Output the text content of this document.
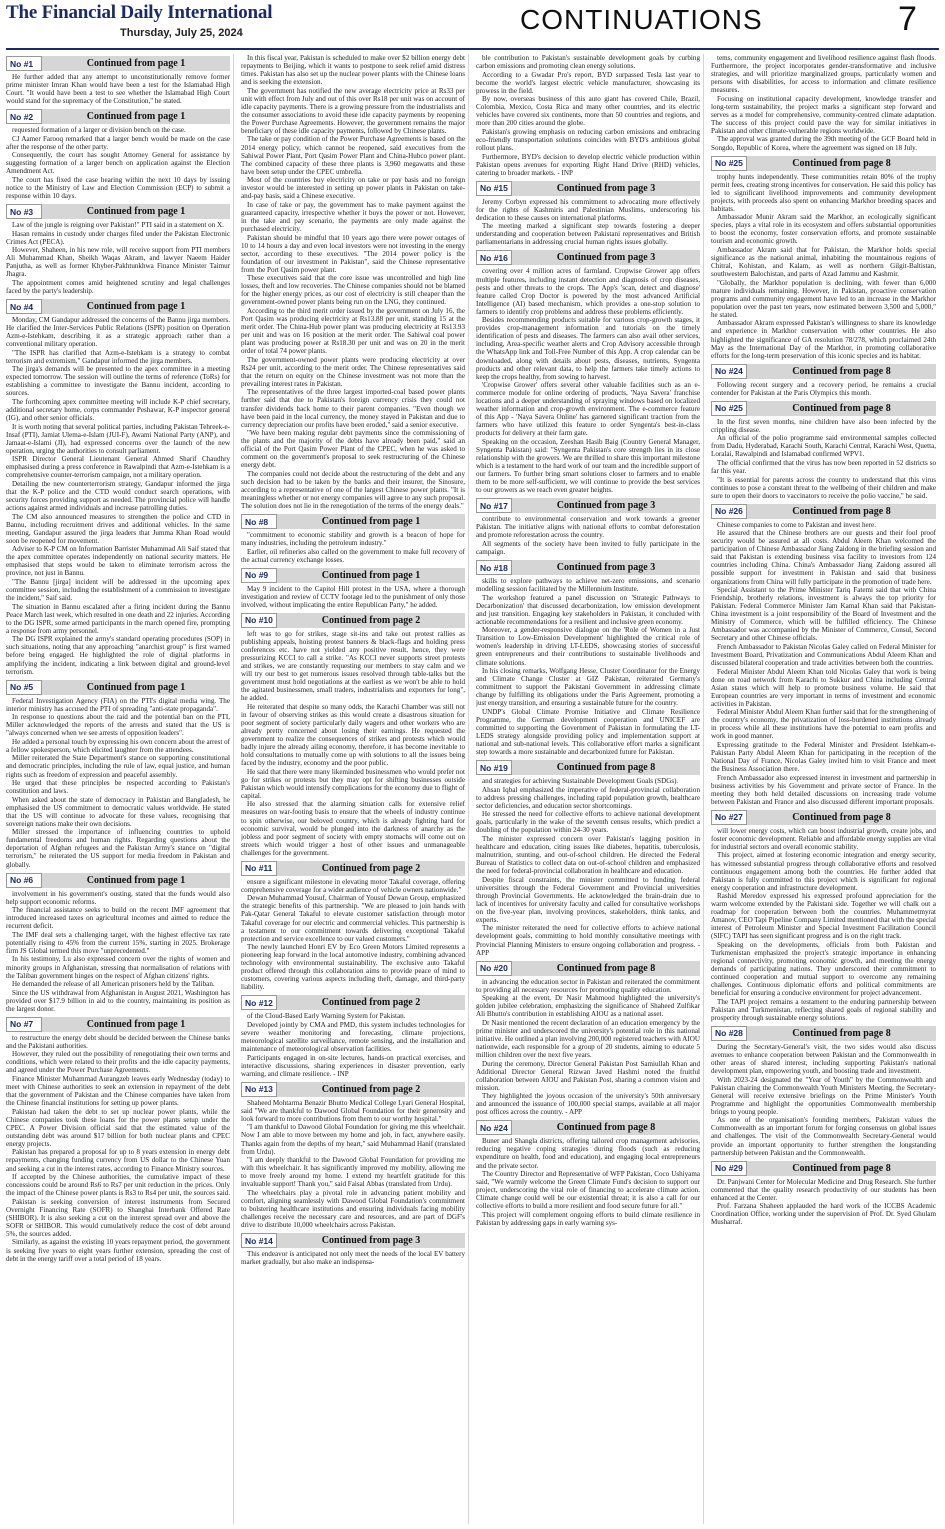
The Financial Daily International
Thursday, July 25, 2024	CONTINUATIONS	7
No #1	Continued from page 1

He further added that any attempt to unconstitutionally remove former prime minister Imran Khan would have been a test for the Islamabad High Court. "It would have been a test to see whether the Islamabad High Court would stand for the supremacy of the Constitution," he stated.

No #2	Continued from page 1

requested formation of a larger or division bench on the case.

CJ Aamer Farooq remarked that a larger bench would be made on the case after the response of the other party.

Consequently, the court has sought Attorney General for assistance by suggesting formation of a larger bench on application against the Election Amendment Act.

The court has fixed the case hearing within the next 10 days by issuing notice to the Ministry of Law and Election Commission (ECP) to submit a response within 10 days.

No #3	Continued from page 1

Law of the jungle is reigning over Pakistan!" PTI said in a statement on X.

Hasan remains in custody under charges filed under the Pakistan Electronic Crimes Act (PECA).

However, Shaheen, in his new role, will receive support from PTI members Ali Muhammad Khan, Sheikh Waqas Akram, and lawyer Naeem Haider Panjutha, as well as former Khyber-Pakhtunkhwa Finance Minister Taimur Jhagra.

The appointment comes amid heightened scrutiny and legal challenges faced by the party's leadership.

No #4	Continued from page 1

Monday, CM Gandapur addressed the concerns of the Bannu jirga members. He clarified the Inter-Services Public Relations (ISPR) position on Operation Azm-e-Istehkam, describing it as a strategic approach rather than a conventional military operation.

"The ISPR has clarified that Azm-e-Istehkam is a strategy to combat terrorism and extremism," Gandapur informed the jirga members.

The jirga's demands will be presented to the apex committee in a meeting expected tomorrow. The session will outline the terms of reference (ToRs) for establishing a committee to investigate the Bannu incident, according to sources.

The forthcoming apex committee meeting will include K-P chief secretary, additional secretary home, corps commander Peshawar, K-P inspector general (IG), and other senior officials.

It is worth noting that several political parties, including Pakistan Tehreek-e-Insaf (PTI), Jamiat Ulema-e-Islam (JUI-F), Awami National Party (ANP), and Jamaat-e-Islami (JI), had expressed concerns over the launch of the new operation, urging the authorities to consult parliament.

ISPR Director General Lieutenant General Ahmed Sharif Chaudhry emphasised during a press conference in Rawalpindi that Azm-e-Istehkam is a comprehensive counter-terrorism campaign, not a military operation.

Detailing the new counterterrorism strategy, Gandapur informed the jirga that the K-P police and the CTD would conduct search operations, with security forces providing support as needed. The provincial police will handle actions against armed individuals and increase patrolling duties.

The CM also announced measures to strengthen the police and CTD in Bannu, including recruitment drives and additional vehicles. In the same meeting, Gandapur assured the jirga leaders that Jumma Khan Road would soon be reopened for movement.

Adviser to K-P CM on Information Barrister Muhammad Ali Saif stated that the apex committee operates independently on national security matters. He emphasised that steps would be taken to eliminate terrorism across the province, not just in Bannu.

"The Bannu [jirga] incident will be addressed in the upcoming apex committee session, including the establishment of a commission to investigate the incident," Saif said.

The situation in Bannu escalated after a firing incident during the Bannu Peace March last week, which resulted in one death and 22 injuries. According to the DG ISPR, some armed participants in the march opened fire, prompting a response from army personnel.

The DG ISPR explained the army's standard operating procedures (SOP) in such situations, noting that any approaching "anarchist group" is first warned before being engaged. He highlighted the role of digital platforms in amplifying the incident, indicating a link between digital and ground-level terrorism.

No #5	Continued from page 1

Federal Investigation Agency (FIA) on the PTI's digital media wing. The interior ministry has accused the PTI of spreading "anti-state propaganda".

In response to questions about the raid and the potential ban on the PTI, Miller acknowledged the reports of the arrests and stated that the US is "always concerned when we see arrests of opposition leaders".

He added a personal touch by expressing his own concern about the arrest of a fellow spokesperson, which elicited laughter from the attendees.

Miller reiterated the State Department's stance on supporting constitutional and democratic principles, including the rule of law, equal justice, and human rights such as freedom of expression and peaceful assembly.

He urged that these principles be respected according to Pakistan's constitution and laws.

When asked about the state of democracy in Pakistan and Bangladesh, he emphasised the US commitment to democratic values worldwide. He stated that the US will continue to advocate for these values, recognising that sovereign nations make their own decisions.

Miller stressed the importance of influencing countries to uphold fundamental freedoms and human rights. Regarding questions about the deportation of Afghan refugees and the Pakistan Army's stance on "digital terrorism," he reiterated the US support for media freedom in Pakistan and globally.

No #6	Continued from page 1

involvement in his government's ousting, stated that the funds would also help support economic reforms.

The financial assistance seeks to build on the recent IMF agreement that introduced increased taxes on agricultural incomes and aimed to reduce the recurrent deficit.

The IMF deal sets a challenging target, with the highest effective tax rate potentially rising to 45% from the current 15%, starting in 2025. Brokerage firm JS Global termed this move "unprecedented."

In his testimony, Lu also expressed concern over the rights of women and minority groups in Afghanistan, stressing that normalisation of relations with the Taliban government hinges on the respect of Afghan citizens' rights.

He demanded the release of all American prisoners held by the Taliban.

Since the US withdrawal from Afghanistan in August 2021, Washington has provided over $17.9 billion in aid to the country, maintaining its position as the largest donor.

No #7	Continued from page 1

to restructure the energy debt should be decided between the Chinese banks and the Pakistani authorities.

However, they ruled out the possibility of renegotiating their own terms and conditions, which were related to their profits and the idle capacity payments, and agreed under the Power Purchase Agreements.

Finance Minister Muhammad Aurangzeb leaves early Wednesday (today) to meet with Chinese authorities to seek an extension in repayment of the debt that the government of Pakistan and the Chinese companies have taken from the Chinese financial institutions for setting up power plants.

Pakistan had taken the debt to set up nuclear power plants, while the Chinese companies took these loans for the power plants setup under the CPEC. A Power Division official said that the estimated value of the outstanding debt was around $17 billion for both nuclear plants and CPEC energy projects.

Pakistan has prepared a proposal for up to 8 years extension in energy debt repayments, changing funding currency from US dollar to the Chinese Yuan and seeking a cut in the interest rates, according to Finance Ministry sources.

If accepted by the Chinese authorities, the cumulative impact of these concessions could be around Rs6 to Rs7 per unit reduction in the prices. Only the impact of the Chinese power plants is Rs3 to Rs4 per unit, the sources said.

Pakistan is seeking conversion of interest instruments from Secured Overnight Financing Rate (SOFR) to Shanghai Interbank Offered Rate (SHIBOR). It is also seeking a cut on the interest spread over and above the SOFR or SHIBOR. This would cumulatively reduce the cost of debt around 5%, the sources added.

Similarly, as against the existing 10 years repayment period, the government is seeking five years to eight years further extension, spreading the cost of debt in the energy tariff over a total period of 18 years.

In this fiscal year, Pakistan is scheduled to make over $2 billion energy debt repayments to Beijing, which it wants to postpone to seek relief amid distress times. Pakistan has also set up the nuclear power plants with the Chinese loans and is seeking the extension.

The government has notified the new average electricity price at Rs33 per unit with effect from July and out of this over Rs18 per unit was on account of idle capacity payments. There is a growing pressure from the industrialists and the consumer associations to avoid these idle capacity payments by reopening the Power Purchase Agreements. However, the government remains the major beneficiary of these idle capacity payments, followed by Chinese plants.

The take or pay condition of the Power Purchase Agreements is based on the 2014 energy policy, which cannot be reopened, said executives from the Sahiwal Power Plant, Port Qasim Power Plant and China-Hubco power plant. The combined capacity of these three plants is 3,960 megawatts and these have been setup under the CPEC umbrella.

Most of the countries buy electricity on take or pay basis and no foreign investor would be interested in setting up power plants in Pakistan on take-and-pay basis, said a Chinese executive.

In case of take or pay, the government has to make payment against the guaranteed capacity, irrespective whether it buys the power or not. However, in the take and pay scenario, the payments are only made against the purchased electricity.

Pakistan should be mindful that 10 years ago there were power outages of 10 to 14 hours a day and even local investors were not investing in the energy sector, according to these executives. "The 2014 power policy is the foundation of our investment in Pakistan", said the Chinese representative from the Port Qasim power plant.

These executives said that the core issue was uncontrolled and high line losses, theft and low recoveries. The Chinese companies should not be blamed for the higher energy prices, as our cost of electricity is still cheaper than the government-owned power plants being run on the LNG, they continued.

According to the third merit order issued by the government on July 16, the Port Qasim was producing electricity at Rs13.88 per unit, standing 15 at the merit order. The China-Hub power plant was producing electricity at Rs13.93 per unit and was on 16 position at the merit order. The Sahiwal coal power plant was producing power at Rs18.30 per unit and was on 20 in the merit order of total 74 power plants.

The government-owned power plants were producing electricity at over Rs24 per unit, according to the merit order. The Chinese representatives said that the return on equity on the Chinese investment was not more than the prevailing interest rates in Pakistan.

The representatives of the three largest imported-coal based power plants further said that due to Pakistan's foreign currency crisis they could not transfer dividends back home to their parent companies. "Even though we have been paid in the local currency, the money stayed in Pakistan and due to currency depreciation our profits have been eroded," said a senior executive.

"We have been making regular debt payments since the commissioning of the plants and the majority of the debts have already been paid," said an official of the Port Qasim Power Plant of the CPEC, when he was asked to comment on the government's proposal to seek restructuring of the Chinese energy debt.

The companies could not decide about the restructuring of the debt and any such decision had to be taken by the banks and their insurer, the Sinosure, according to a representative of one of the largest Chinese power plants. "It is meaningless whether or not energy companies will agree to any such proposal. The solution does not lie in the renegotiation of the terms of the energy deals."

No #8	Continued from page 1

"commitment to economic stability and growth is a beacon of hope for many industries, including the petroleum industry."

Earlier, oil refineries also called on the government to make full recovery of the actual currency exchange losses.

No #9	Continued from page 1

May 9 incident to the Capitol Hill protest in the USA, where a thorough investigation and review of CCTV footage led to the punishment of only those involved, without implicating the entire Republican Party," he added.

No #10	Continued from page 2

left was to go for strikes, stage sit-ins and take out protest rallies as publishing appeals, hoisting protest banners & black-flags and holding press conferences etc. have not yielded any positive result, hence, they were pressurizing KCCI to call a strike. "As KCCI never supports street protests and strikes, we are constantly requesting our members to stay calm and we will try our best to get numerous issues resolved through table-talks but the government must hold negotiations at the earliest as we won't be able to hold the agitated businessmen, small traders, industrialists and exporters for long", he added.

He reiterated that despite so many odds, the Karachi Chamber was still not in favour of observing strikes as this would create a disastrous situation for poor segment of society particularly daily wagers and other workers who are already pretty concerned about losing their earnings. He requested the government to realize the consequences of strikes and protests which would badly injure the already ailing economy, therefore, it has become inevitable to hold consultations to mutually come up with solutions to all the issues being faced by the industry, economy and the poor public.

He said that there were many likeminded businessmen who would prefer not go for strikes or protests but they may opt for shifting businesses outside Pakistan which would intensify complications for the economy due to flight of capital.

He also stressed that the alarming situation calls for extensive relief measures on war-footing basis to ensure that the wheels of industry continue to spin otherwise, our beloved country, which is already fighting hard for economic survival, would be plunged into the darkness of anarchy as the jobless and poor segment of society with empty stomachs will come out on streets which would trigger a host of other issues and unmanageable challenges for the government.

No #11	Continued from page 2

ensure a significant milestone in elevating motor Takaful coverage, offering comprehensive coverage for a wider audience of vehicle owners nationwide."

Dewan Muhammad Yousuf, Chairman of Yousuf Dewan Group, emphasized the strategic benefits of this partnership. "We are pleased to join hands with Pak-Qatar General Takaful to elevate customer satisfaction through motor Takaful coverage for our electric and commercial vehicles. This partnership is a testament to our commitment towards delivering exceptional Takaful protection and service excellence to our valued customers."

The newly launched Honri EV by Eco Green Motors Limited represents a pioneering leap forward in the local automotive industry, combining advanced technology with environmental sustainability. The exclusive auto Takaful product offered through this collaboration aims to provide peace of mind to customers, covering various aspects including theft, damage, and third-party liability.

No #12	Continued from page 2

of the Cloud-Based Early Warning System for Pakistan.

Developed jointly by CMA and PMD, this system includes technologies for severe weather monitoring and forecasting, climate projections, meteorological satellite surveillance, remote sensing, and the installation and maintenance of meteorological observation facilities.

Participants engaged in on-site lectures, hands-on practical exercises, and interactive discussions, sharing experiences in disaster prevention, early warning, and climate resilience. - INP

No #13	Continued from page 2

Shaheed Mohtarma Benazir Bhutto Medical College Lyari General Hospital, said "We are thankful to Dawood Global Foundation for their generosity and look forward to more contributions from them to our worthy hospital."

"I am thankful to Dawood Global Foundation for giving me this wheelchair. Now I am able to move between my home and job, in fact, anywhere easily. Thanks again from the depths of my heart," said Muhammad Hanif (translated from Urdu).

"I am deeply thankful to the Dawood Global Foundation for providing me with this wheelchair. It has significantly improved my mobility, allowing me to move freely around my home. I extend my heartfelt gratitude for this invaluable support! Thank you," said Faisal Abbas (translated from Urdu).

The wheelchairs play a pivotal role in advancing patient mobility and comfort, aligning seamlessly with Dawood Global Foundation's commitment to bolstering healthcare institutions and ensuring individuals facing mobility challenges receive the necessary care and resources, and are part of DGF's drive to distribute 10,000 wheelchairs across Pakistan.

No #14	Continued from page 3

This endeavor is anticipated not only meet the needs of the local EV battery market gradually, but also make an indispensa-

ble contribution to Pakistan's sustainable development goals by curbing carbon emissions and promoting clean energy solutions.

According to a Gwadar Pro's report, BYD surpassed Tesla last year to become the world's largest electric vehicle manufacturer, showcasing its prowess in the field.

By now, overseas business of this auto giant has covered Chile, Brazil, Colombia, Mexico, Costa Rica and many other countries, and its electric vehicles have covered six continents, more than 50 countries and regions, and more than 200 cities around the globe.

Pakistan's growing emphasis on reducing carbon emissions and embracing eco-friendly transportation solutions coincides with BYD's ambitious global rollout plans.

Furthermore, BYD's decision to develop electric vehicle production within Pakistan opens avenues for exporting Right Hand Drive (RHD) vehicles, catering to broader markets. - INP

No #15	Continued from page 3

Jeremy Corbyn expressed his commitment to advocating more effectively for the rights of Kashmiris and Palestinian Muslims, underscoring his dedication to these causes on international platforms.

The meeting marked a significant step towards fostering a deeper understanding and cooperation between Pakistani representatives and British parliamentarians in addressing crucial human rights issues globally.

No #16	Continued from page 3

covering over 4 million acres of farmland. Cropwise Grower app offers multiple features, including instant detection and diagnosis of crop diseases, pests and other threats to the crops. The App's 'scan, detect and diagnose' feature called Crop Doctor is powered by the most advanced Artificial Intelligence (AI) based mechanism, which provides a one-stop solution to farmers to identify crop problems and address these problems efficiently.

Besides recommending products suitable for various crop-growth stages, it provides crop-management information and tutorials on the timely identification of pests and diseases. The farmers can also avail other services, including, Area-specific weather alerts and Crop Advisory accessible through the WhatsApp link and Toll-Free Number of this App. A crop calendar can be downloaded, along with details about pests, diseases, nutrients, Syngenta products and other relevant data, to help the farmers take timely actions to keep the crops healthy, from sowing to harvest.

'Cropwise Grower' offers several other valuable facilities such as an e-commerce module for online ordering of products, 'Naya Savera' franchise locations and a deeper understanding of spraying windows based on localized weather information and crop-growth environment. The e-commerce feature of this App - 'Naya Savera Online' has garnered significant traction from the farmers who have utilized this feature to order Syngenta's best-in-class products for delivery at their farm gate.

Speaking on the occasion, Zeeshan Hasib Baig (Country General Manager, Syngenta Pakistan) said: "Syngenta Pakistan's core strength lies in its close relationship with the growers. We are thrilled to share this important milestone which is a testament to the hard work of our team and the incredible support of our farmers. To further bring smart solutions closer to farmers and to enable them to be more self-sufficient, we will continue to provide the best services to our growers as we reach even greater heights.

No #17	Continued from page 3

contribute to environmental conservation and work towards a greener Pakistan. The initiative aligns with national efforts to combat deforestation and promote reforestation across the country.

All segments of the society have been invited to fully participate in the campaign.

No #18	Continued from page 3

skills to explore pathways to achieve net-zero emissions, and scenario modelling session facilitated by the Millennium Institute.

The workshop featured a panel discussion on 'Strategic Pathways to Decarbonization' that discussed decarbonization, low emission development and just transition. Engaging key stakeholders in Pakistan, it concluded with actionable recommendations for a resilient and inclusive green economy.

Moreover, a gender-responsive dialogue on the 'Role of Women in a Just Transition to Low-Emission Development' highlighted the critical role of women's leadership in driving LT-LEDS, showcasing stories of successful green entrepreneurs and their contributions to sustainable livelihoods and climate solutions.

In his closing remarks, Wolfgang Hesse, Cluster Coordinator for the Energy and Climate Change Cluster at GIZ Pakistan, reiterated Germany's commitment to support the Pakistani Government in addressing climate change by fulfilling its obligations under the Paris Agreement, promoting a just energy transition, and ensuring a sustainable future for the country.

UNDP's Global Climate Promise Initiative and Climate Resilience Programme, the German development cooperation and UNICEF are committed to supporting the Government of Pakistan in formulating the LT-LEDS strategy alongside providing policy and implementation support at national and sub-national levels. This collaborative effort marks a significant step towards a more sustainable and decarbonized future for Pakistan.

No #19	Continued from page 8

and strategies for achieving Sustainable Development Goals (SDGs).

Ahsan Iqbal emphasized the imperative of federal-provincial collaboration to address pressing challenges, including rapid population growth, healthcare sector deficiencies, and education sector shortcomings.

He stressed the need for collective efforts to achieve national development goals, particularly in the wake of the seventh census results, which predict a doubling of the population within 24-30 years.

The minister expressed concern over Pakistan's lagging position in healthcare and education, citing issues like diabetes, hepatitis, tuberculosis, malnutrition, stunting, and out-of-school children. He directed the Federal Bureau of Statistics to collect data on out-of-school children and emphasized the need for federal-provincial collaboration in healthcare and education.

Despite fiscal constraints, the minister committed to funding federal universities through the Federal Government and Provincial universities through Provincial Governments. He acknowledged the brain-drain due to lack of incentives for university faculty and called for consultative workshops on the five-year plan, involving provinces, stakeholders, think tanks, and experts.

The minister reiterated the need for collective efforts to achieve national development goals, committing to hold monthly consultative meetings with Provincial Planning Ministers to ensure ongoing collaboration and progress. - APP

No #20	Continued from page 8

in advancing the education sector in Pakistan and reiterated the commitment to providing all necessary resources for promoting quality education.

Speaking at the event, Dr Nasir Mahmood highlighted the university's golden jubilee celebration, emphasizing the significance of Shaheed Zulfikar Ali Bhutto's contribution in establishing AIOU as a national asset.

Dr Nasir mentioned the recent declaration of an education emergency by the prime minister and underscored the university's potential role in this national initiative. He outlined a plan involving 200,000 registered teachers with AIOU nationwide, each responsible for a group of 20 students, aiming to educate 5 million children over the next five years.

During the ceremony, Director General Pakistan Post Samiullah Khan and Additional Director General Rizwan Javed Hashmi noted the fruitful collaboration between AIOU and Pakistan Post, sharing a common vision and mission.

They highlighted the joyous occasion of the university's 50th anniversary and announced the issuance of 100,000 special stamps, available at all major post offices across the country. - APP

No #24	Continued from page 8

Buner and Shangla districts, offering tailored crop management advisories, reducing negative coping strategies during floods (such as reducing expenditure on health, food and education), and engaging local entrepreneurs and the private sector.

The Country Director and Representative of WFP Pakistan, Coco Ushiyama said, "We warmly welcome the Green Climate Fund's decision to support our project, underscoring the vital role of financing to accelerate climate action. Climate change could well be our existential threat; it is also a call for our collective efforts to build a more resilient and food secure future for all."

This project will complement ongoing efforts to build climate resilience in Pakistan by addressing gaps in early warning sys-

tems, community engagement and livelihood resilience against flash floods. Furthermore, the project incorporates gender-transformative and inclusive strategies, and will prioritize marginalized groups, particularly women and persons with disabilities, for access to information and climate resilience measures.

Focusing on institutional capacity development, knowledge transfer and long-term sustainability, the project marks a significant step forward and serves as a model for comprehensive, community-centred climate adaptation. The success of this project could pave the way for similar initiatives in Pakistan and other climate-vulnerable regions worldwide.

The approval was granted during the 39th meeting of the GCF Board held in Songdo, Republic of Korea, where the agreement was signed on 18 July.

No #25	Continued from page 8

trophy hunts independently. These communities retain 80% of the trophy permit fees, creating strong incentives for conservation. He said this policy has led to significant livelihood improvements and community development projects, with proceeds also spent on enhancing Markhor breeding spaces and habitats.

Ambassador Munir Akram said the Markhor, an ecologically significant species, plays a vital role in its ecosystem and offers substantial opportunities to boost the economy, foster conservation efforts, and promote sustainable tourism and economic growth.

Ambassador Akram said that for Pakistan, the Markhor holds special significance as the national animal, inhabiting the mountainous regions of Chitral, Kohistan, and Kalam, as well as northern Gilgit-Baltistan, southwestern Balochistan, and parts of Azad Jammu and Kashmir.

"Globally, the Markhor population is declining, with fewer than 6,000 mature individuals remaining. However, in Pakistan, proactive conservation programs and community engagement have led to an increase in the Markhor population over the past ten years, now estimated between 3,500 and 5,000," he stated.

Ambassador Akram expressed Pakistan's willingness to share its knowledge and experience in Markhor conservation with other countries. He also highlighted the significance of GA resolution 78/278, which proclaimed 24th May as the International Day of the Markhor, in promoting collaborative efforts for the long-term preservation of this iconic species and its habitat.

No #24	Continued from page 8

Following recent surgery and a recovery period, he remains a crucial contender for Pakistan at the Paris Olympics this month.

No #25	Continued from page 8

In the first seven months, nine children have also been infected by the crippling disease.

An official of the polio programme said environmental samples collected from Dadu, Hyderabad, Karachi South, Karachi Central, Karachi West, Quetta, Loralai, Rawalpindi and Islamabad confirmed WPV1.

The official confirmed that the virus has now been reported in 52 districts so far this year.

"It is essential for parents across the country to understand that this virus continues to pose a constant threat to the wellbeing of their children and make sure to open their doors to vaccinators to receive the polio vaccine," he said.

No #26	Continued from page 8

Chinese companies to come to Pakistan and invest here.

He assured that the Chinese brothers are our guests and their fool proof security would be assured at all costs. Abdul Aleem Khan welcomed the participation of Chinese Ambassador Jiang Zaidong in the briefing session and said that Pakistan is extending business visa facility to investors from 124 countries including China. China's Ambassador Jiang Zaidong assured all possible support for investment in Pakistan and said that business organizations from China will fully participate in the promotion of trade here.

Special Assistant to the Prime Minister Tariq Fatemi said that with China Friendship, brotherly relations, investment is always the top priority for Pakistan. Federal Commerce Minister Jam Kamal Khan said that Pakistan-China investment is a joint responsibility of the Board of Investment and the Ministry of Commerce, which will be fulfilled efficiency. The Chinese Ambassador was accompanied by the Minister of Commerce, Consul, Second Secretary and other Chinese officials.

French Ambassador to Pakistan Nicolas Galey called on Federal Minister for Investment Board, Privatization and Communications Abdul Aleem Khan and discussed bilateral cooperation and trade activities between both the countries.

Federal Minister Abdul Aleem Khan told Nicolas Galey that work is being done on road network from Karachi to Sukkur and China including Central Asian states which will help to promote business volume. He said that European countries are very important in terms of investment and economic activities in Pakistan.

Federal Minister Abdul Aleem Khan further said that for the strengthening of the country's economy, the privatization of loss-burdened institutions already in process while all these institutions have the potential to earn profits and work in good manner.

Expressing gratitude to the Federal Minister and President Istehkam-e-Pakistan Party Abdul Aleem Khan for participating in the reception of the National Day of France, Nicolas Galey invited him to visit France and meet the Business Association there.

French Ambassador also expressed interest in investment and partnership in business activities by his Government and private sector of France. In the meeting they both held detailed discussions on increasing trade volume between Pakistan and France and also discussed different important proposals.

No #27	Continued from page 8

will lower energy costs, which can boost industrial growth, create jobs, and foster economic development. Reliable and affordable energy supplies are vital for industrial sectors and overall economic stability.

This project, aimed at fostering economic integration and energy security, has witnessed substantial progress through collaborative efforts and resolved continuous engagement among both the countries. He further added that Pakistan is fully committed to this project which is significant for regional energy cooperation and infrastructure development.

Rashid Meredov expressed his expressed profound appreciation for the warm welcome extended by the Pakistani side. Together we will chalk out a roadmap for cooperation between both the countries. Muhammetmyrat Amanov, CEO Tapi Pipeline Company Limited mentioned that with the special interest of Petroleum Minister and Special Investment Facilitation Council (SIFC) TAPI has seen significant progress and is on the right track.

Speaking on the developments, officials from both Pakistan and Turkmenistan emphasized the project's strategic importance in enhancing regional connectivity, promoting economic growth, and meeting the energy demands of participating nations. They underscored their commitment to continued cooperation and mutual support to overcome any remaining challenges. Continuous diplomatic efforts and political commitments are beneficial for ensuring a conducive environment for project advancement.

The TAPI project remains a testament to the enduring partnership between Pakistan and Turkmenistan, reflecting shared goals of regional stability and prosperity through sustainable energy solutions.

No #28	Continued from page 8

During the Secretary-General's visit, the two sides would also discuss avenues to enhance cooperation between Pakistan and the Commonwealth in other areas of shared interest, including supporting Pakistan's national development plan, empowering youth, and boosting trade and investment.

With 2023-24 designated the "Year of Youth" by the Commonwealth and Pakistan chairing the Commonwealth Youth Ministers Meeting, the Secretary-General will receive extensive briefings on the Prime Minister's Youth Programme and highlight the opportunities Commonwealth membership brings to young people.

As one of the organisation's founding members, Pakistan values the Commonwealth as an important forum for forging consensus on global issues and challenges. The visit of the Commonwealth Secretary-General would provide an important opportunity to further strengthen the longstanding partnership between Pakistan and the Commonwealth.

No #29	Continued from page 8

Dr. Panjwani Center for Molecular Medicine and Drug Research. She further commented that the quality research productivity of our students has been enhanced at the Center.

Prof. Farzana Shaheen applauded the hard work of the ICCBS Academic Coordination Office, working under the supervision of Prof. Dr. Syed Ghulam Musharraf.
